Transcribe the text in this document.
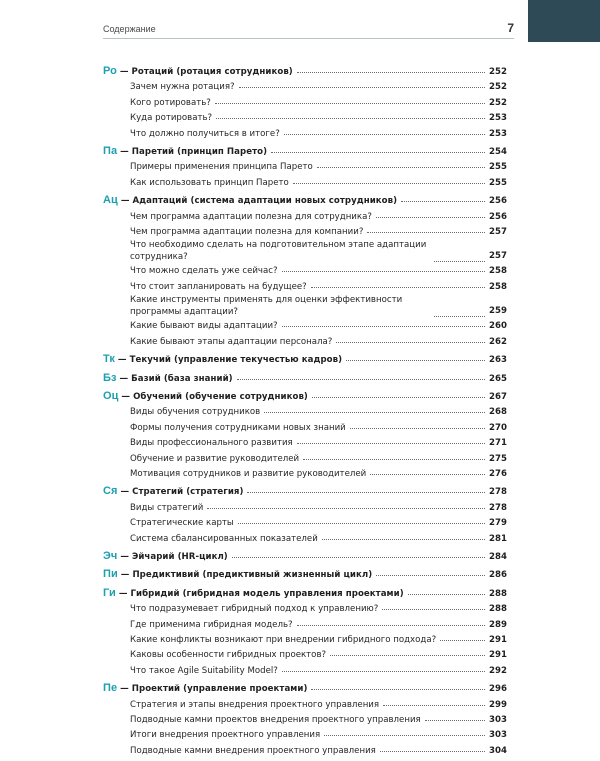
Содержание	7
Ро — Ротаций (ротация сотрудников)	252
Зачем нужна ротация?	252
Кого ротировать?	252
Куда ротировать?	253
Что должно получиться в итоге?	253
Па — Паретий (принцип Парето)	254
Примеры применения принципа Парето	255
Как использовать принцип Парето	255
Ац — Адаптаций (система адаптации новых сотрудников)	256
Чем программа адаптации полезна для сотрудника?	256
Чем программа адаптации полезна для компании?	257
Что необходимо сделать на подготовительном этапе адаптации сотрудника?	257
Что можно сделать уже сейчас?	258
Что стоит запланировать на будущее?	258
Какие инструменты применять для оценки эффективности программы адаптации?	259
Какие бывают виды адаптации?	260
Какие бывают этапы адаптации персонала?	262
Тк — Текучий (управление текучестью кадров)	263
Бз — Базий (база знаний)	265
Оц — Обучений (обучение сотрудников)	267
Виды обучения сотрудников	268
Формы получения сотрудниками новых знаний	270
Виды профессионального развития	271
Обучение и развитие руководителей	275
Мотивация сотрудников и развитие руководителей	276
Ся — Стратегий (стратегия)	278
Виды стратегий	278
Стратегические карты	279
Система сбалансированных показателей	281
Эч — Эйчарий (HR-цикл)	284
Пи — Предиктивий (предиктивный жизненный цикл)	286
Ги — Гибридий (гибридная модель управления проектами)	288
Что подразумевает гибридный подход к управлению?	288
Где применима гибридная модель?	289
Какие конфликты возникают при внедрении гибридного подхода?	291
Каковы особенности гибридных проектов?	291
Что такое Agile Suitability Model?	292
Пе — Проектий (управление проектами)	296
Стратегия и этапы внедрения проектного управления	299
Подводные камни проектов внедрения проектного управления	303
Итоги внедрения проектного управления	303
Подводные камни внедрения проектного управления	304
